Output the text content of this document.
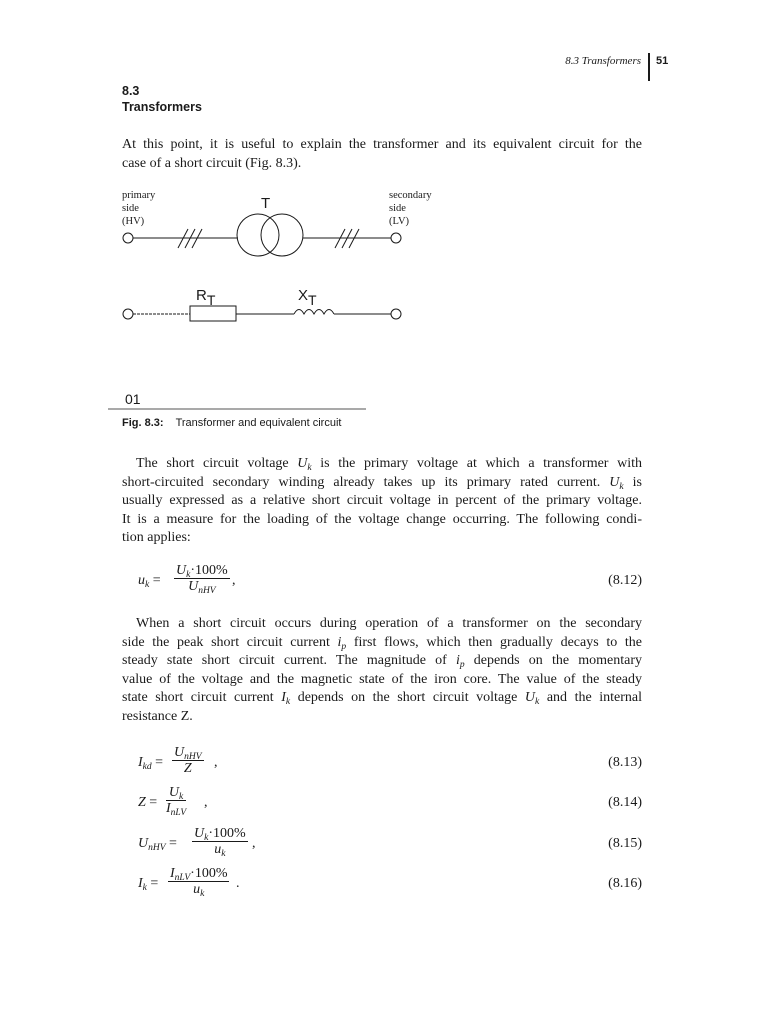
8.3 Transformers 51
8.3
Transformers
At this point, it is useful to explain the transformer and its equivalent circuit for the
case of a short circuit (Fig. 8.3).
primary
side
(HV)
secondary
side
(LV)
T
$R_T$	$X_T$
01
Fig. 8.3: Transformer and equivalent circuit
The short circuit voltage $U_k$ is the primary voltage at which a transformer with
short-circuited secondary winding already takes up its primary rated current. $U_k$ is
usually expressed as a relative short circuit voltage in percent of the primary voltage.
It is a measure for the loading of the voltage change occurring. The following condi-
tion applies:
$u_k$ =
$U_k\cdot 100\%$
$U_{nHV}$
,	(8.12)
When a short circuit occurs during operation of a transformer on the secondary
side the peak short circuit current $i_p$ first flows, which then gradually decays to the
steady state short circuit current. The magnitude of $i_p$ depends on the momentary
value of the voltage and the magnetic state of the iron core. The value of the steady
state short circuit current $I_k$ depends on the short circuit voltage $U_k$ and the internal
resistance Z.
$I_{kd}$ =
$U_{nHV}$
Z	,	(8.13)
Z =
$U_k$
$I_{nLV}$
,	(8.14)
$U_{nHV} = \frac{U_k\cdot 100\%}{u_k}$ ,	(8.15)
$I_k$ =
$I_{nLV}\cdot 100\%$
$u_k$
.	(8.16)
